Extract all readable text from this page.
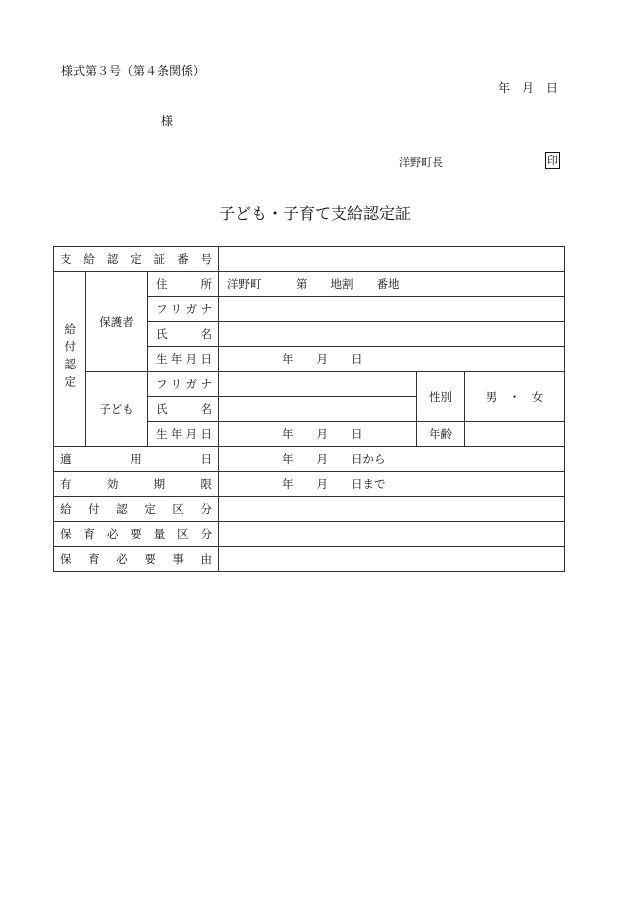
様式第３号（第４条関係）
年　月　日
様
洋野町長	印
子ども・子育て支給認定証
支　給　認　定　証　番　号					
給付認定	保護者	住　　所	洋野町　　　第　　地割　　番地		
		フリガナ			
		氏　　名			
		生年月日	年　　月　　日		
	子ども	フリガナ		性別	男　・　女
		氏　　名			
		生年月日	年　　月　　日	年齢	
適　　　　用　　　　日			年　　月　　日から		
有　　効　　期　　限			年　　月　　日まで		
給　付　認　定　区　分					
保　育　必　要　量　区　分					
保　育　必　要　事　由					
